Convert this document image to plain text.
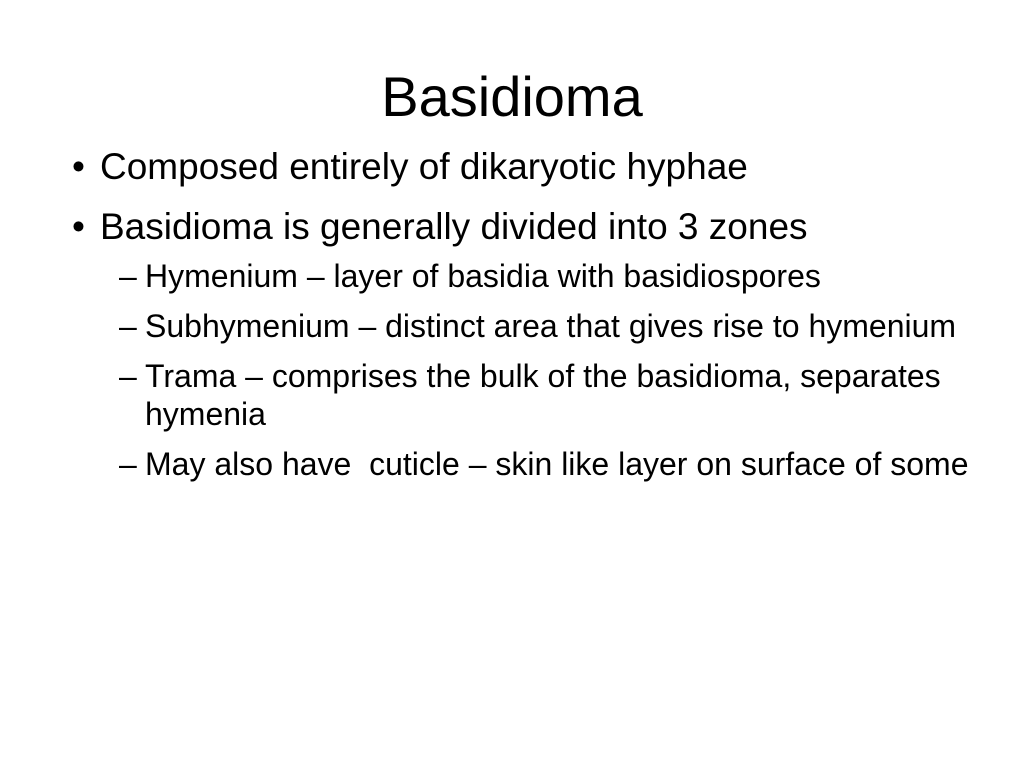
Basidioma
• Composed entirely of dikaryotic hyphae
• Basidioma is generally divided into 3 zones
– Hymenium – layer of basidia with basidiospores
– Subhymenium – distinct area that gives rise to hymenium
– Trama – comprises the bulk of the basidioma, separates hymenia
– May also have  cuticle – skin like layer on surface of some
